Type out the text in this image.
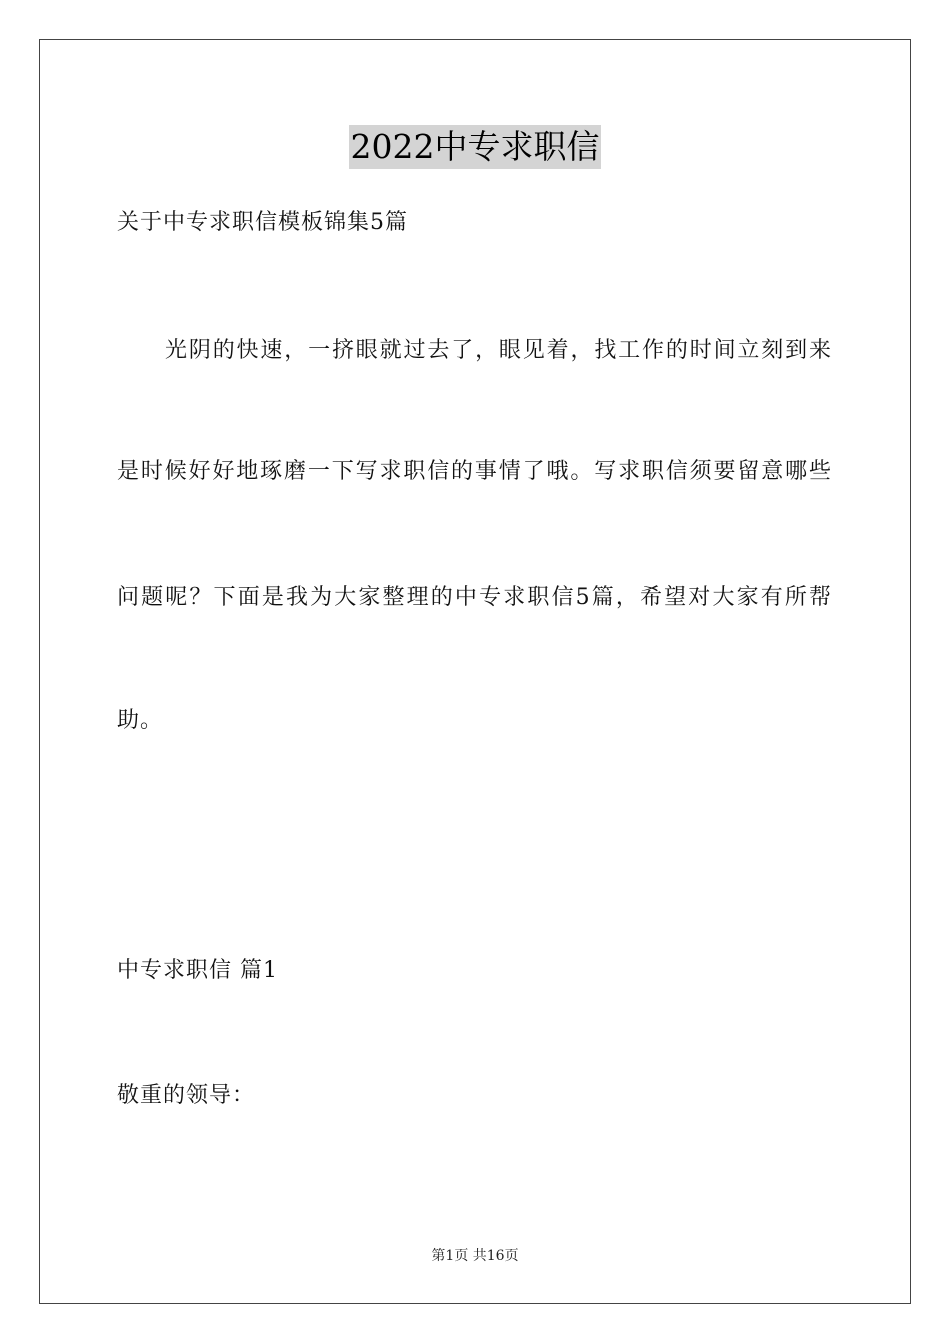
2022中专求职信
关于中专求职信模板锦集5篇
光阴的快速，一挤眼就过去了，眼见着，找工作的时间立刻到来
是时候好好地琢磨一下写求职信的事情了哦。写求职信须要留意哪些
问题呢？下面是我为大家整理的中专求职信5篇，希望对大家有所帮
助。
中专求职信 篇1
敬重的领导：
第1页 共16页
